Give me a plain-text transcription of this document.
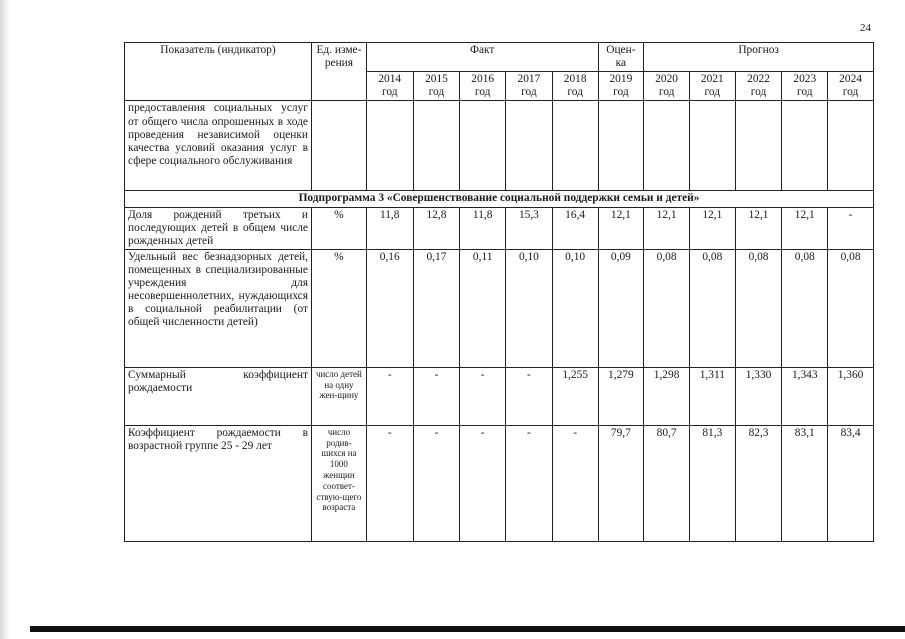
24
Показатель (индикатор)	Ед. изме-рения	Факт					Оцен-ка	Прогноз				
		2014 год	2015 год	2016 год	2017 год	2018 год	2019 год	2020 год	2021 год	2022 год	2023 год	2024 год
предоставления социальных услуг от общего числа опрошенных в ходе проведения независимой оценки качества условий оказания услуг в сфере социального обслуживания												
Подпрограмма 3 «Совершенствование социальной поддержки семьи и детей»												
Доля рождений третьих и последующих детей в общем числе рожденных детей	%	11,8	12,8	11,8	15,3	16,4	12,1	12,1	12,1	12,1	12,1	-
Удельный вес безнадзорных детей, помещенных в специализированные учреждения для несовершеннолетних, нуждающихся в социальной реабилитации (от общей численности детей)	%	0,16	0,17	0,11	0,10	0,10	0,09	0,08	0,08	0,08	0,08	0,08
Суммарный коэффициент рождаемости	число детей на одну жен-щину	-	-	-	-	1,255	1,279	1,298	1,311	1,330	1,343	1,360
Коэффициент рождаемости в возрастной группе 25 - 29 лет	число родив-шихся на 1000 женщин соответ-ствую-щего возраста	-	-	-	-	-	79,7	80,7	81,3	82,3	83,1	83,4
